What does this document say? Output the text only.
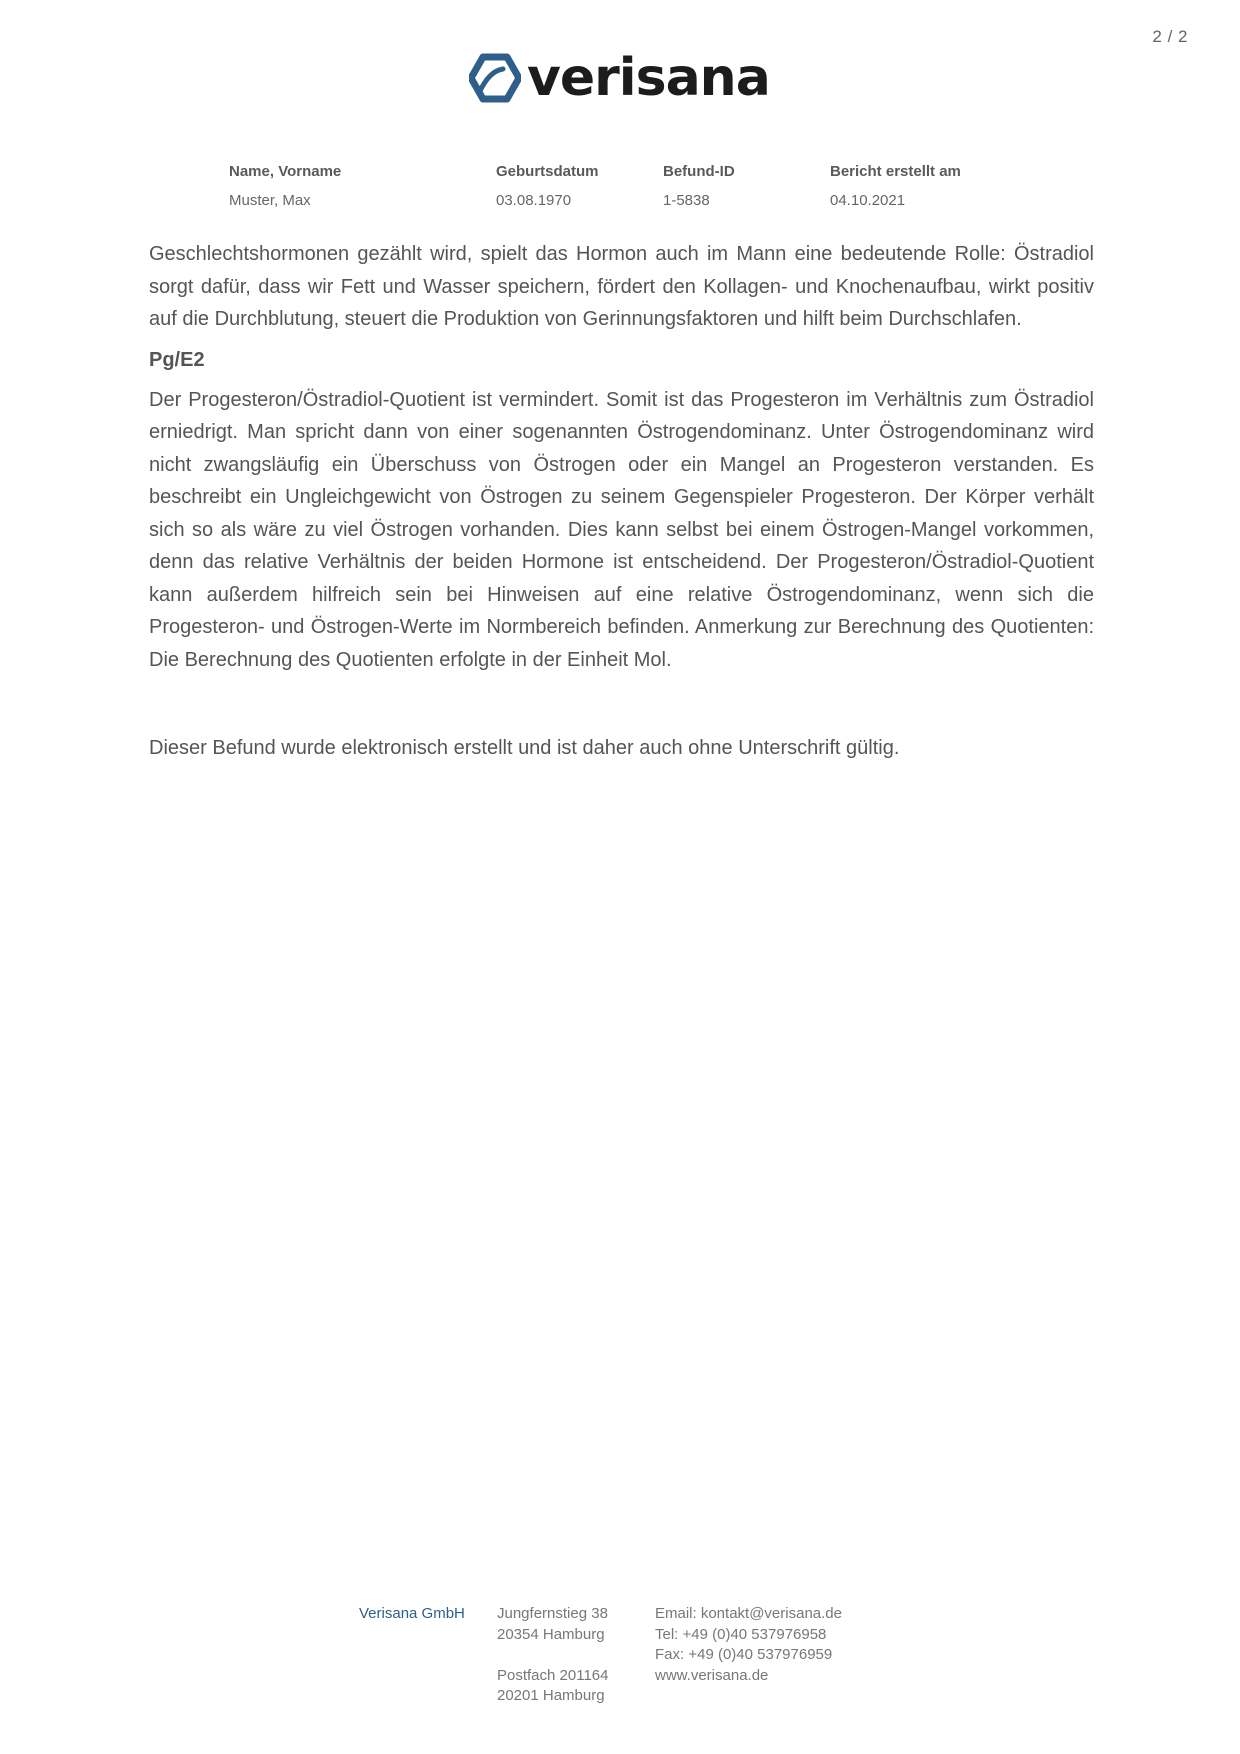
2 / 2
verisana
Name, Vorname
Muster, Max
Geburtsdatum
03.08.1970
Befund-ID
1-5838
Bericht erstellt am
04.10.2021

Geschlechtshormonen gezählt wird, spielt das Hormon auch im Mann eine bedeutende Rolle: Östradiol sorgt dafür, dass wir Fett und Wasser speichern, fördert den Kollagen- und Knochenaufbau, wirkt positiv auf die Durchblutung, steuert die Produktion von Gerinnungsfaktoren und hilft beim Durchschlafen.

Pg/E2

Der Progesteron/Östradiol-Quotient ist vermindert. Somit ist das Progesteron im Verhältnis zum Östradiol erniedrigt. Man spricht dann von einer sogenannten Östrogendominanz. Unter Östrogendominanz wird nicht zwangsläufig ein Überschuss von Östrogen oder ein Mangel an Progesteron verstanden. Es beschreibt ein Ungleichgewicht von Östrogen zu seinem Gegenspieler Progesteron. Der Körper verhält sich so als wäre zu viel Östrogen vorhanden. Dies kann selbst bei einem Östrogen-Mangel vorkommen, denn das relative Verhältnis der beiden Hormone ist entscheidend. Der Progesteron/Östradiol-Quotient kann außerdem hilfreich sein bei Hinweisen auf eine relative Östrogendominanz, wenn sich die Progesteron- und Östrogen-Werte im Normbereich befinden. Anmerkung zur Berechnung des Quotienten: Die Berechnung des Quotienten erfolgte in der Einheit Mol.

Dieser Befund wurde elektronisch erstellt und ist daher auch ohne Unterschrift gültig.

Verisana GmbH Jungfernstieg 38
20354 Hamburg
Postfach 201164
20201 Hamburg
Email: kontakt@verisana.de
Tel: +49 (0)40 537976958
Fax: +49 (0)40 537976959
www.verisana.de
